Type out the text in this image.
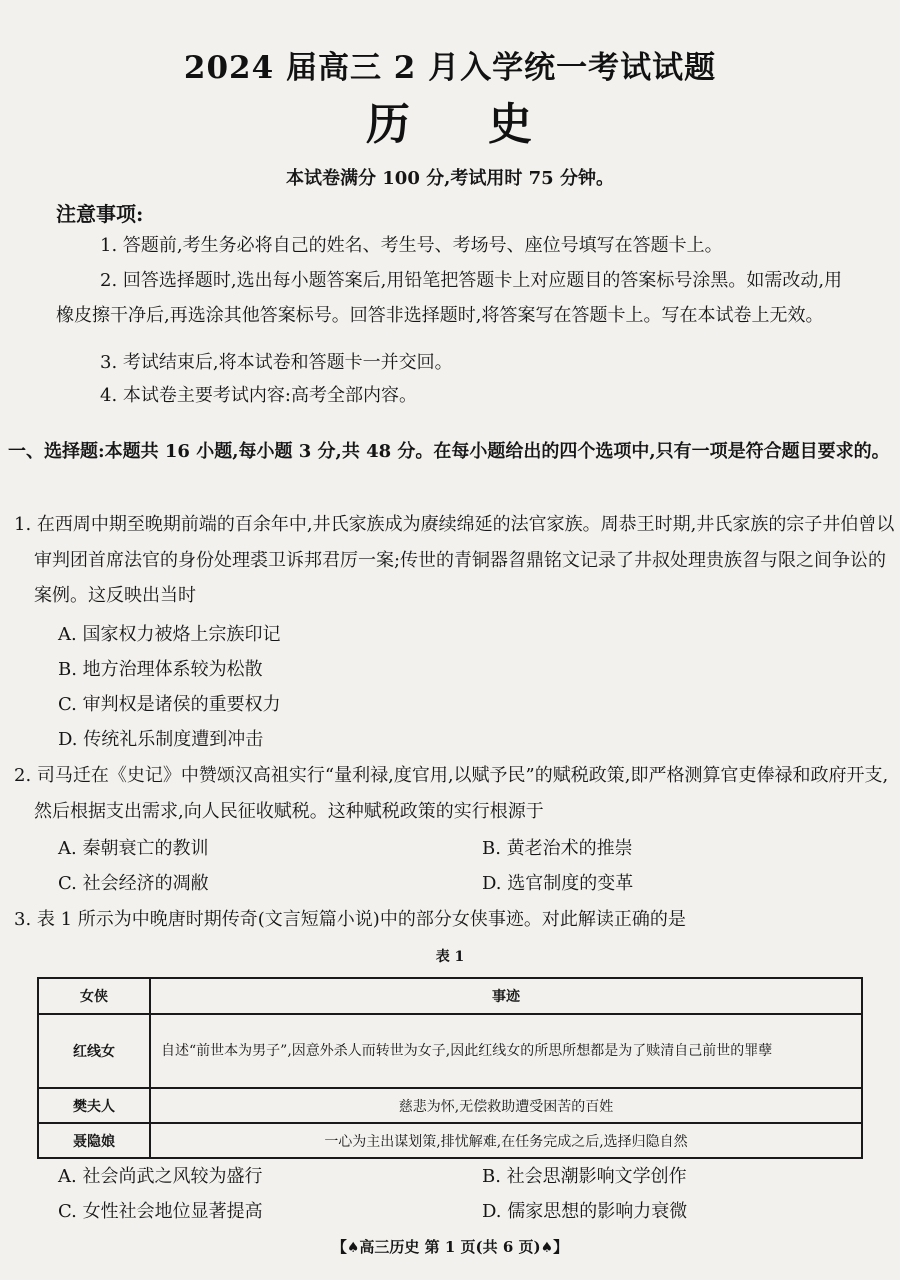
2024 届高三 2 月入学统一考试试题
历 史
本试卷满分 100 分,考试用时 75 分钟。
注意事项:
1. 答题前,考生务必将自己的姓名、考生号、考场号、座位号填写在答题卡上。
2. 回答选择题时,选出每小题答案后,用铅笔把答题卡上对应题目的答案标号涂黑。如需改动,用橡皮擦干净后,再选涂其他答案标号。回答非选择题时,将答案写在答题卡上。写在本试卷上无效。
3. 考试结束后,将本试卷和答题卡一并交回。
4. 本试卷主要考试内容:高考全部内容。
一、选择题:本题共 16 小题,每小题 3 分,共 48 分。在每小题给出的四个选项中,只有一项是符合题目要求的。
1. 在西周中期至晚期前端的百余年中,井氏家族成为赓续绵延的法官家族。周恭王时期,井氏家族的宗子井伯曾以审判团首席法官的身份处理裘卫诉邦君厉一案;传世的青铜器曶鼎铭文记录了井叔处理贵族曶与限之间争讼的案例。这反映出当时
A. 国家权力被烙上宗族印记
B. 地方治理体系较为松散
C. 审判权是诸侯的重要权力
D. 传统礼乐制度遭到冲击
2. 司马迁在《史记》中赞颂汉高祖实行“量利禄,度官用,以赋予民”的赋税政策,即严格测算官吏俸禄和政府开支,然后根据支出需求,向人民征收赋税。这种赋税政策的实行根源于
A. 秦朝衰亡的教训	B. 黄老治术的推崇
C. 社会经济的凋敝	D. 选官制度的变革
3. 表 1 所示为中晚唐时期传奇(文言短篇小说)中的部分女侠事迹。对此解读正确的是
表 1
女侠	事迹
红线女	自述“前世本为男子”,因意外杀人而转世为女子,因此红线女的所思所想都是为了赎清自己前世的罪孽
樊夫人	慈悲为怀,无偿救助遭受困苦的百姓
聂隐娘	一心为主出谋划策,排忧解难,在任务完成之后,选择归隐自然
A. 社会尚武之风较为盛行	B. 社会思潮影响文学创作
C. 女性社会地位显著提高	D. 儒家思想的影响力衰微
【♠高三历史 第 1 页(共 6 页)♠】
